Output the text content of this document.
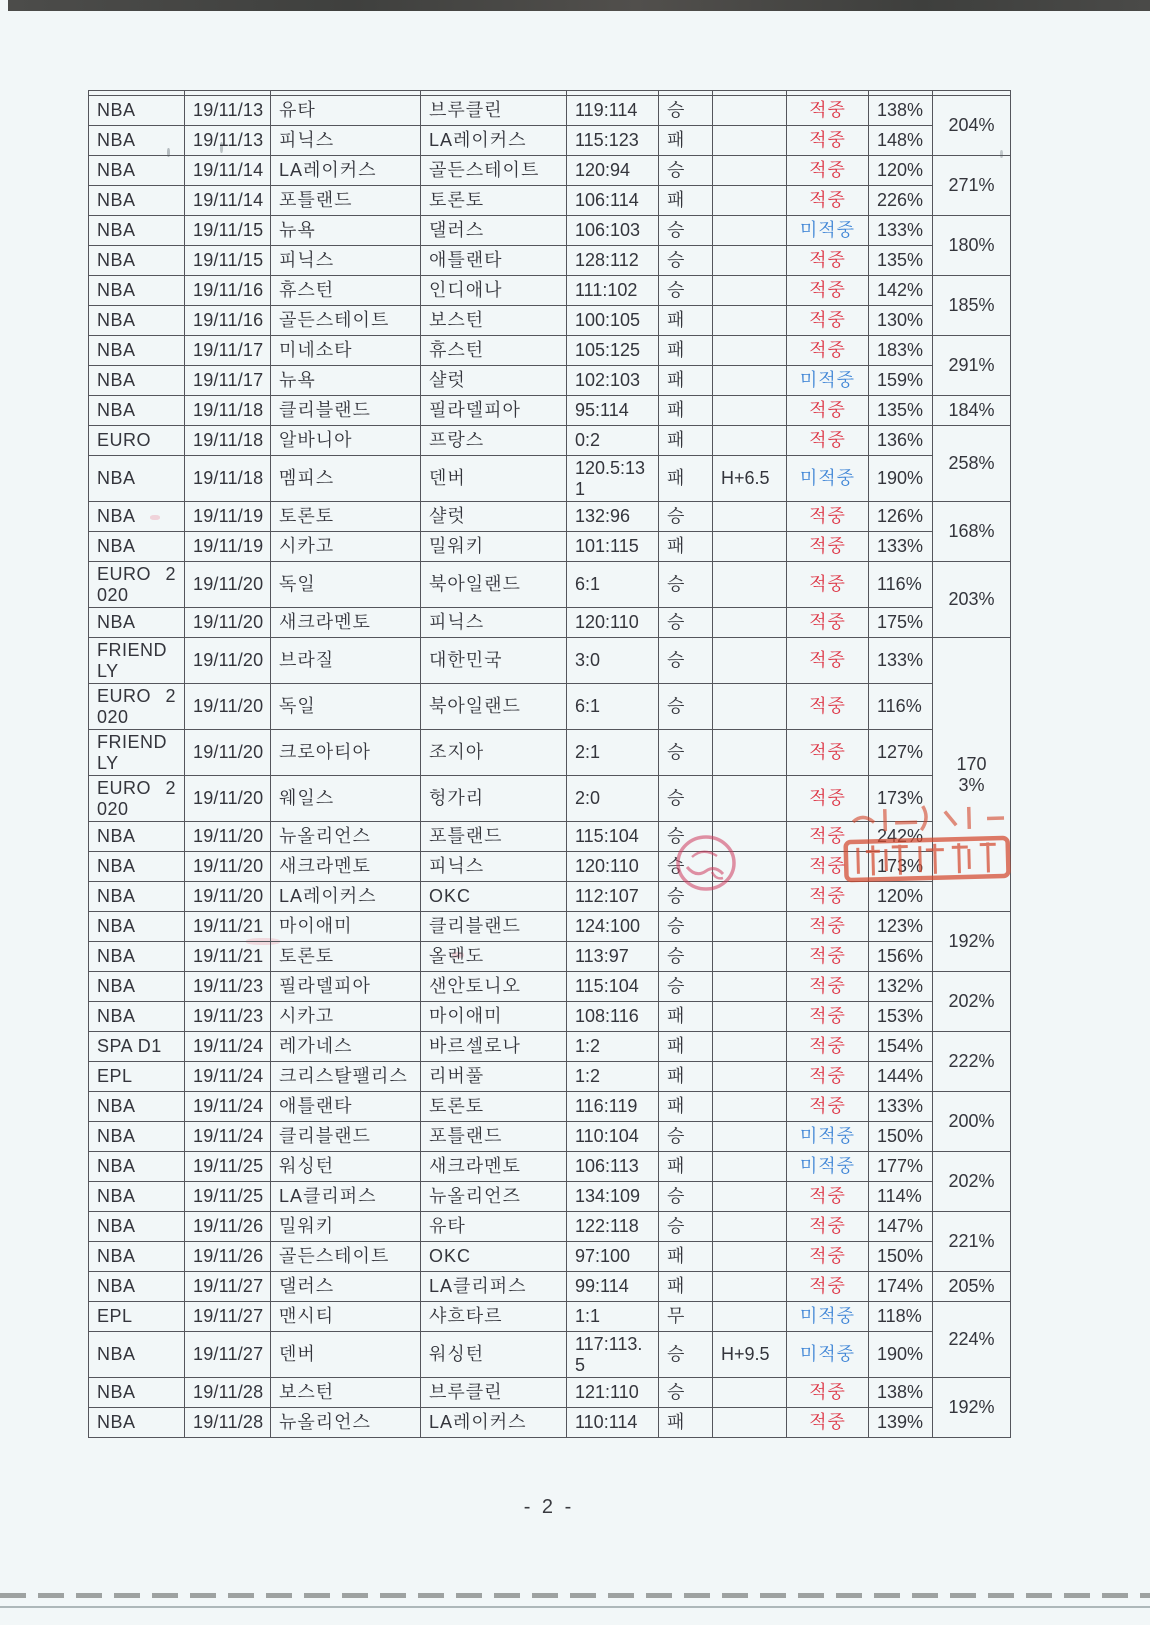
NBA	19/11/13	유타	브루클린	119:114	승		적중	138%	204%

NBA	19/11/13	피닉스	LA레이커스	115:123	패		적중	148%	
NBA	19/11/14	LA레이커스	골든스테이트	120:94	승		적중	120%	271%

NBA	19/11/14	포틀랜드	토론토	106:114	패		적중	226%	
NBA	19/11/15	뉴욕	댈러스	106:103	승		미적중	133%	180%

NBA	19/11/15	피닉스	애틀랜타	128:112	승		적중	135%	
NBA	19/11/16	휴스턴	인디애나	111:102	승		적중	142%	185%

NBA	19/11/16	골든스테이트	보스턴	100:105	패		적중	130%	
NBA	19/11/17	미네소타	휴스턴	105:125	패		적중	183%	291%

NBA	19/11/17	뉴욕	샬럿	102:103	패		미적중	159%	
NBA	19/11/18	클리블랜드	필라델피아	95:114	패		적중	135%	184%

EURO	19/11/18	알바니아	프랑스	0:2	패		적중	136%	258%

NBA	19/11/18	멤피스	덴버	120.5:131	패	H+6.5	미적중	190%	
NBA	19/11/19	토론토	샬럿	132:96	승		적중	126%	168%

NBA	19/11/19	시카고	밀워키	101:115	패		적중	133%	
EURO 2020	19/11/20	독일	북아일랜드	6:1	승		적중	116%	203%

NBA	19/11/20	새크라멘토	피닉스	120:110	승		적중	175%	
FRIENDLY	19/11/20	브라질	대한민국	3:0	승		적중	133%	1703%

EURO 2020	19/11/20	독일	북아일랜드	6:1	승		적중	116%	
FRIENDLY	19/11/20	크로아티아	조지아	2:1	승		적중	127%	
EURO 2020	19/11/20	웨일스	헝가리	2:0	승		적중	173%	
NBA	19/11/20	뉴올리언스	포틀랜드	115:104	승		적중	242%	
NBA	19/11/20	새크라멘토	피닉스	120:110	승		적중	173%	
NBA	19/11/20	LA레이커스	OKC	112:107	승		적중	120%	
NBA	19/11/21	마이애미	클리블랜드	124:100	승		적중	123%	192%

NBA	19/11/21	토론토	올랜도	113:97	승		적중	156%	
NBA	19/11/23	필라델피아	샌안토니오	115:104	승		적중	132%	202%

NBA	19/11/23	시카고	마이애미	108:116	패		적중	153%	
SPA D1	19/11/24	레가네스	바르셀로나	1:2	패		적중	154%	222%

EPL	19/11/24	크리스탈팰리스	리버풀	1:2	패		적중	144%	
NBA	19/11/24	애틀랜타	토론토	116:119	패		적중	133%	200%

NBA	19/11/24	클리블랜드	포틀랜드	110:104	승		미적중	150%	
NBA	19/11/25	워싱턴	새크라멘토	106:113	패		미적중	177%	202%

NBA	19/11/25	LA클리퍼스	뉴올리언즈	134:109	승		적중	114%	
NBA	19/11/26	밀워키	유타	122:118	승		적중	147%	221%

NBA	19/11/26	골든스테이트	OKC	97:100	패		적중	150%	
NBA	19/11/27	댈러스	LA클리퍼스	99:114	패		적중	174%	205%

EPL	19/11/27	맨시티	샤흐타르	1:1	무		미적중	118%	224%

NBA	19/11/27	덴버	워싱턴	117:113.5	승	H+9.5	미적중	190%	
NBA	19/11/28	보스턴	브루클린	121:110	승		적중	138%	192%

NBA	19/11/28	뉴올리언스	LA레이커스	110:114	패		적중	139%	
- 2 -
